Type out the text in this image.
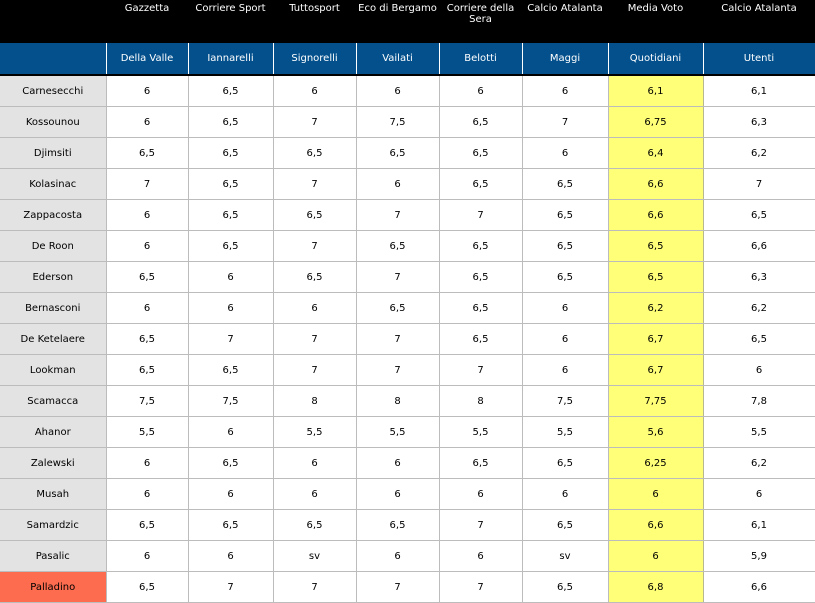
	Gazzetta	Corriere Sport	Tuttosport	Eco di Bergamo	Corriere della Sera	Calcio Atalanta	Media Voto	Calcio Atalanta
	Della Valle	Iannarelli	Signorelli	Vailati	Belotti	Maggi	Quotidiani	Utenti
Carnesecchi	6	6,5	6	6	6	6	6,1	6,1
Kossounou	6	6,5	7	7,5	6,5	7	6,75	6,3
Djimsiti	6,5	6,5	6,5	6,5	6,5	6	6,4	6,2
Kolasinac	7	6,5	7	6	6,5	6,5	6,6	7
Zappacosta	6	6,5	6,5	7	7	6,5	6,6	6,5
De Roon	6	6,5	7	6,5	6,5	6,5	6,5	6,6
Ederson	6,5	6	6,5	7	6,5	6,5	6,5	6,3
Bernasconi	6	6	6	6,5	6,5	6	6,2	6,2
De Ketelaere	6,5	7	7	7	6,5	6	6,7	6,5
Lookman	6,5	6,5	7	7	7	6	6,7	6
Scamacca	7,5	7,5	8	8	8	7,5	7,75	7,8
Ahanor	5,5	6	5,5	5,5	5,5	5,5	5,6	5,5
Zalewski	6	6,5	6	6	6,5	6,5	6,25	6,2
Musah	6	6	6	6	6	6	6	6
Samardzic	6,5	6,5	6,5	6,5	7	6,5	6,6	6,1
Pasalic	6	6	sv	6	6	sv	6	5,9
Palladino	6,5	7	7	7	7	6,5	6,8	6,6
